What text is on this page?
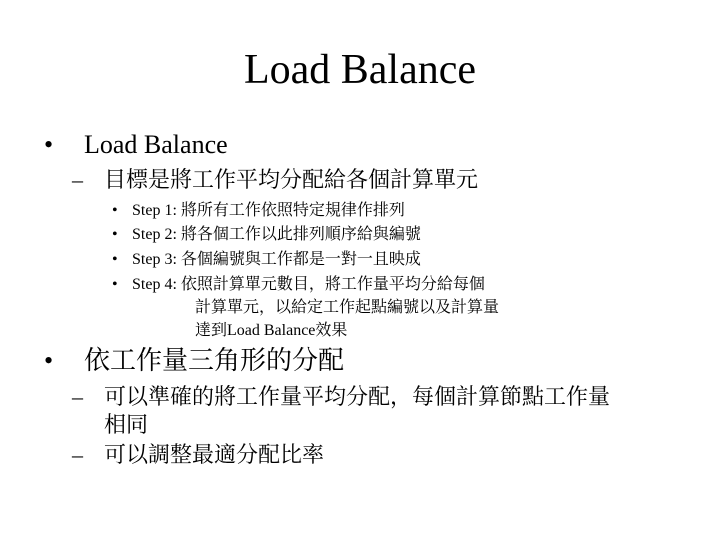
Load Balance
•	Load Balance
– 目標是將工作平均分配給各個計算單元
• Step 1: 將所有工作依照特定規律作排列
• Step 2: 將各個工作以此排列順序給與編號
• Step 3: 各個編號與工作都是一對一且映成
• Step 4: 依照計算單元數目，將工作量平均分給每個
計算單元，以給定工作起點編號以及計算量
達到Load Balance效果
•	依工作量三角形的分配
– 可以準確的將工作量平均分配，每個計算節點工作量
相同
– 可以調整最適分配比率
